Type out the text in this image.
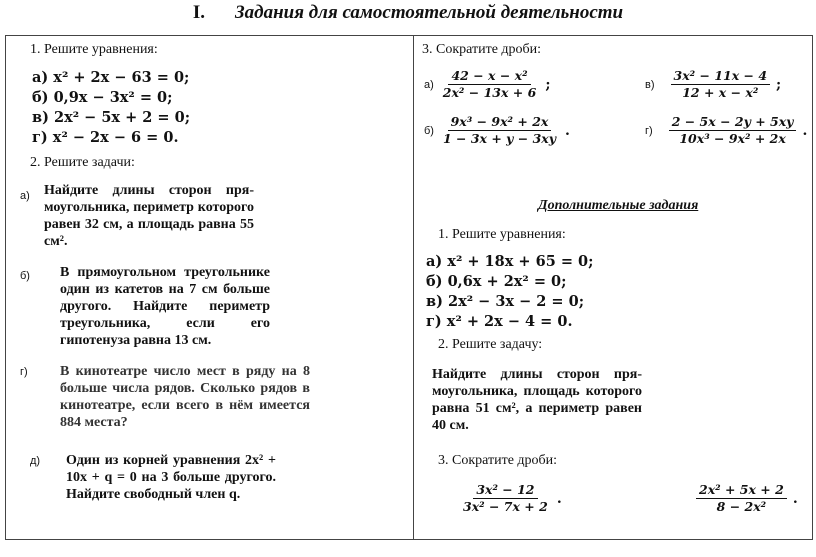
I. Задания для самостоятельной деятельности
1. Решите уравнения:
а) x² + 2x − 63 = 0;
б) 0,9x − 3x² = 0;
в) 2x² − 5x + 2 = 0;
г) x² − 2x − 6 = 0.
2. Решите задачи:
а) Найдите длины сторон прямоугольника, периметр которого равен 32 см, а площадь равна 55 см².
б) В прямоугольном треугольнике один из катетов на 7 см больше другого. Найдите периметр треугольника, если его гипотенуза равна 13 см.
г) В кинотеатре число мест в ряду на 8 больше числа рядов. Сколько рядов в кинотеатре, если всего в нём имеется 884 места?
д) Один из корней уравнения 2x² + 10x + q = 0 на 3 больше другого. Найдите свободный член q.
3. Сократите дроби:
$а) \frac{\text{42 − x − x²}}{\text{2x² − 13x + 6}}$ ;	$в) \frac{\text{3x² − 11x − 4}}{\text{12 + x − x²}}$ ;
$б) \frac{\text{9x³ − 9x² + 2x}}{1 - 3x + y - 3xy}$ .	$г) \frac{2 - 5x - 2y + 5xy}{\text{10x³ − 9x² + 2x}}$ .
Дополнительные задания
1. Решите уравнения:
а) x² + 18x + 65 = 0;
б) 0,6x + 2x² = 0;
в) 2x² − 3x − 2 = 0;
г) x² + 2x − 4 = 0.
2. Решите задачу:
Найдите длины сторон прямоугольника, площадь которого равна 51 см², а периметр равен 40 см.
3. Сократите дроби:
$\frac{\text{3x² − 12}}{\text{3x² − 7x + 2}}$ .	$\frac{\text{2x² + 5x + 2}}{\text{8 − 2x²}}$ .
